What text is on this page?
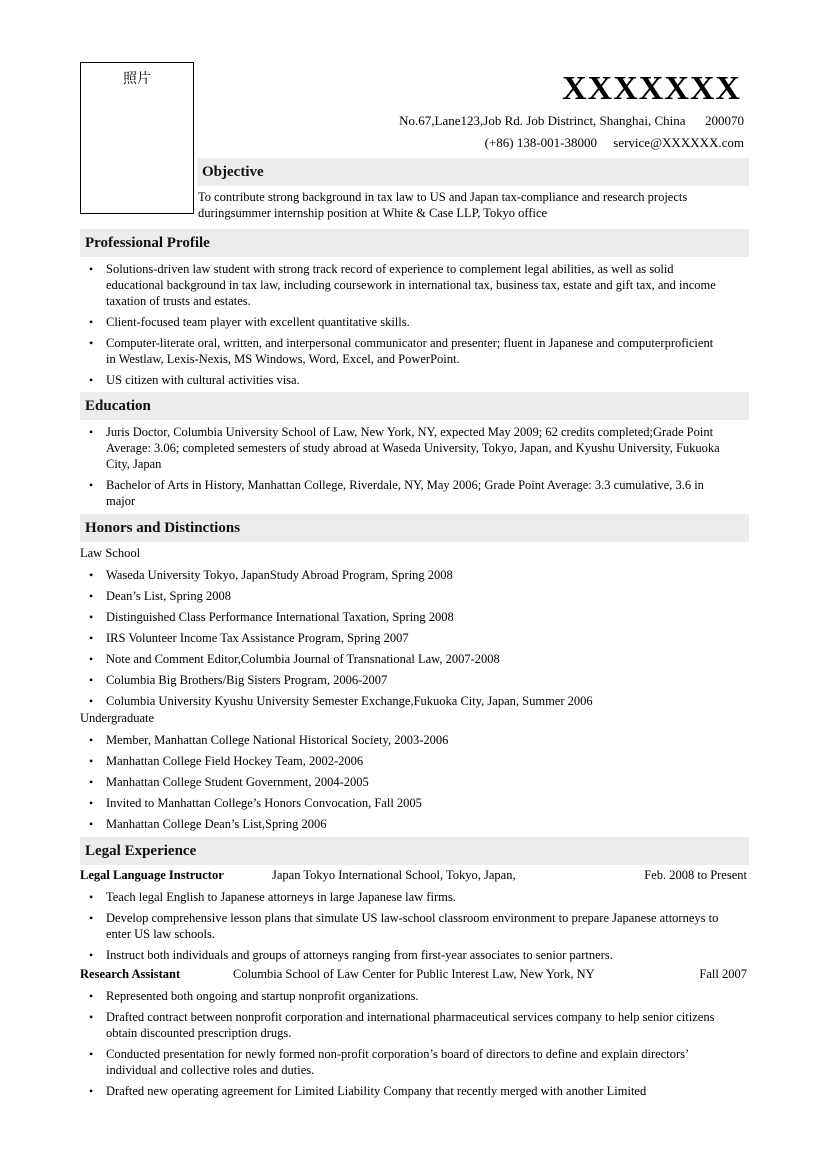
照片	XXXXXXX
No.67,Lane123,Job Rd. Job Distrinct, Shanghai, China      200070
(+86) 138-001-38000     service@XXXXXX.com
Objective
To contribute strong background in tax law to US and Japan tax-compliance and research projects duringsummer internship position at White & Case LLP, Tokyo office
Professional Profile
• Solutions-driven law student with strong track record of experience to complement legal abilities, as well as solid educational background in tax law, including coursework in international tax, business tax, estate and gift tax, and income taxation of trusts and estates.
• Client-focused team player with excellent quantitative skills.
• Computer-literate oral, written, and interpersonal communicator and presenter; fluent in Japanese and computerproficient in Westlaw, Lexis-Nexis, MS Windows, Word, Excel, and PowerPoint.
• US citizen with cultural activities visa.
Education
• Juris Doctor, Columbia University School of Law, New York, NY, expected May 2009; 62 credits completed;Grade Point Average: 3.06; completed semesters of study abroad at Waseda University, Tokyo, Japan, and Kyushu University, Fukuoka City, Japan
• Bachelor of Arts in History, Manhattan College, Riverdale, NY, May 2006; Grade Point Average: 3.3 cumulative, 3.6 in major
Honors and Distinctions
Law School
• Waseda University Tokyo, JapanStudy Abroad Program, Spring 2008
• Dean’s List, Spring 2008
• Distinguished Class Performance International Taxation, Spring 2008
• IRS Volunteer Income Tax Assistance Program, Spring 2007
• Note and Comment Editor,Columbia Journal of Transnational Law, 2007-2008
• Columbia Big Brothers/Big Sisters Program, 2006-2007
• Columbia University Kyushu University Semester Exchange,Fukuoka City, Japan, Summer 2006
Undergraduate
• Member, Manhattan College National Historical Society, 2003-2006
• Manhattan College Field Hockey Team, 2002-2006
• Manhattan College Student Government, 2004-2005
• Invited to Manhattan College’s Honors Convocation, Fall 2005
• Manhattan College Dean’s List,Spring 2006
Legal Experience
Legal Language Instructor	Japan Tokyo International School, Tokyo, Japan,	Feb. 2008 to Present
• Teach legal English to Japanese attorneys in large Japanese law firms.
• Develop comprehensive lesson plans that simulate US law-school classroom environment to prepare Japanese attorneys to enter US law schools.
• Instruct both individuals and groups of attorneys ranging from first-year associates to senior partners.
Research Assistant	Columbia School of Law Center for Public Interest Law, New York, NY	Fall 2007
• Represented both ongoing and startup nonprofit organizations.
• Drafted contract between nonprofit corporation and international pharmaceutical services company to help senior citizens obtain discounted prescription drugs.
• Conducted presentation for newly formed non-profit corporation’s board of directors to define and explain directors’ individual and collective roles and duties.
• Drafted new operating agreement for Limited Liability Company that recently merged with another Limited
